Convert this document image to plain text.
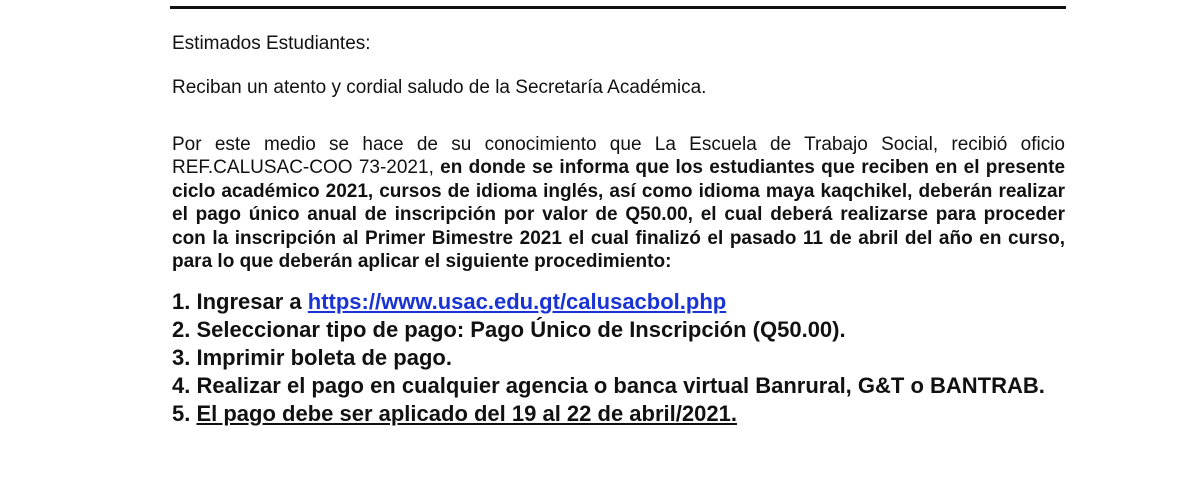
Estimados Estudiantes:
Reciban un atento y cordial saludo de la Secretaría Académica.
Por este medio se hace de su conocimiento que La Escuela de Trabajo Social, recibió oficio REF.CALUSAC-COO 73-2021, en donde se informa que los estudiantes que reciben en el presente ciclo académico 2021, cursos de idioma inglés, así como idioma maya kaqchikel, deberán realizar el pago único anual de inscripción por valor de Q50.00, el cual deberá realizarse para proceder con la inscripción al Primer Bimestre 2021 el cual finalizó el pasado 11 de abril del año en curso, para lo que deberán aplicar el siguiente procedimiento:
1. Ingresar a https://www.usac.edu.gt/calusacbol.php
2. Seleccionar tipo de pago: Pago Único de Inscripción (Q50.00).
3. Imprimir boleta de pago.
4. Realizar el pago en cualquier agencia o banca virtual Banrural, G&T o BANTRAB.
5. El pago debe ser aplicado del 19 al 22 de abril/2021.
